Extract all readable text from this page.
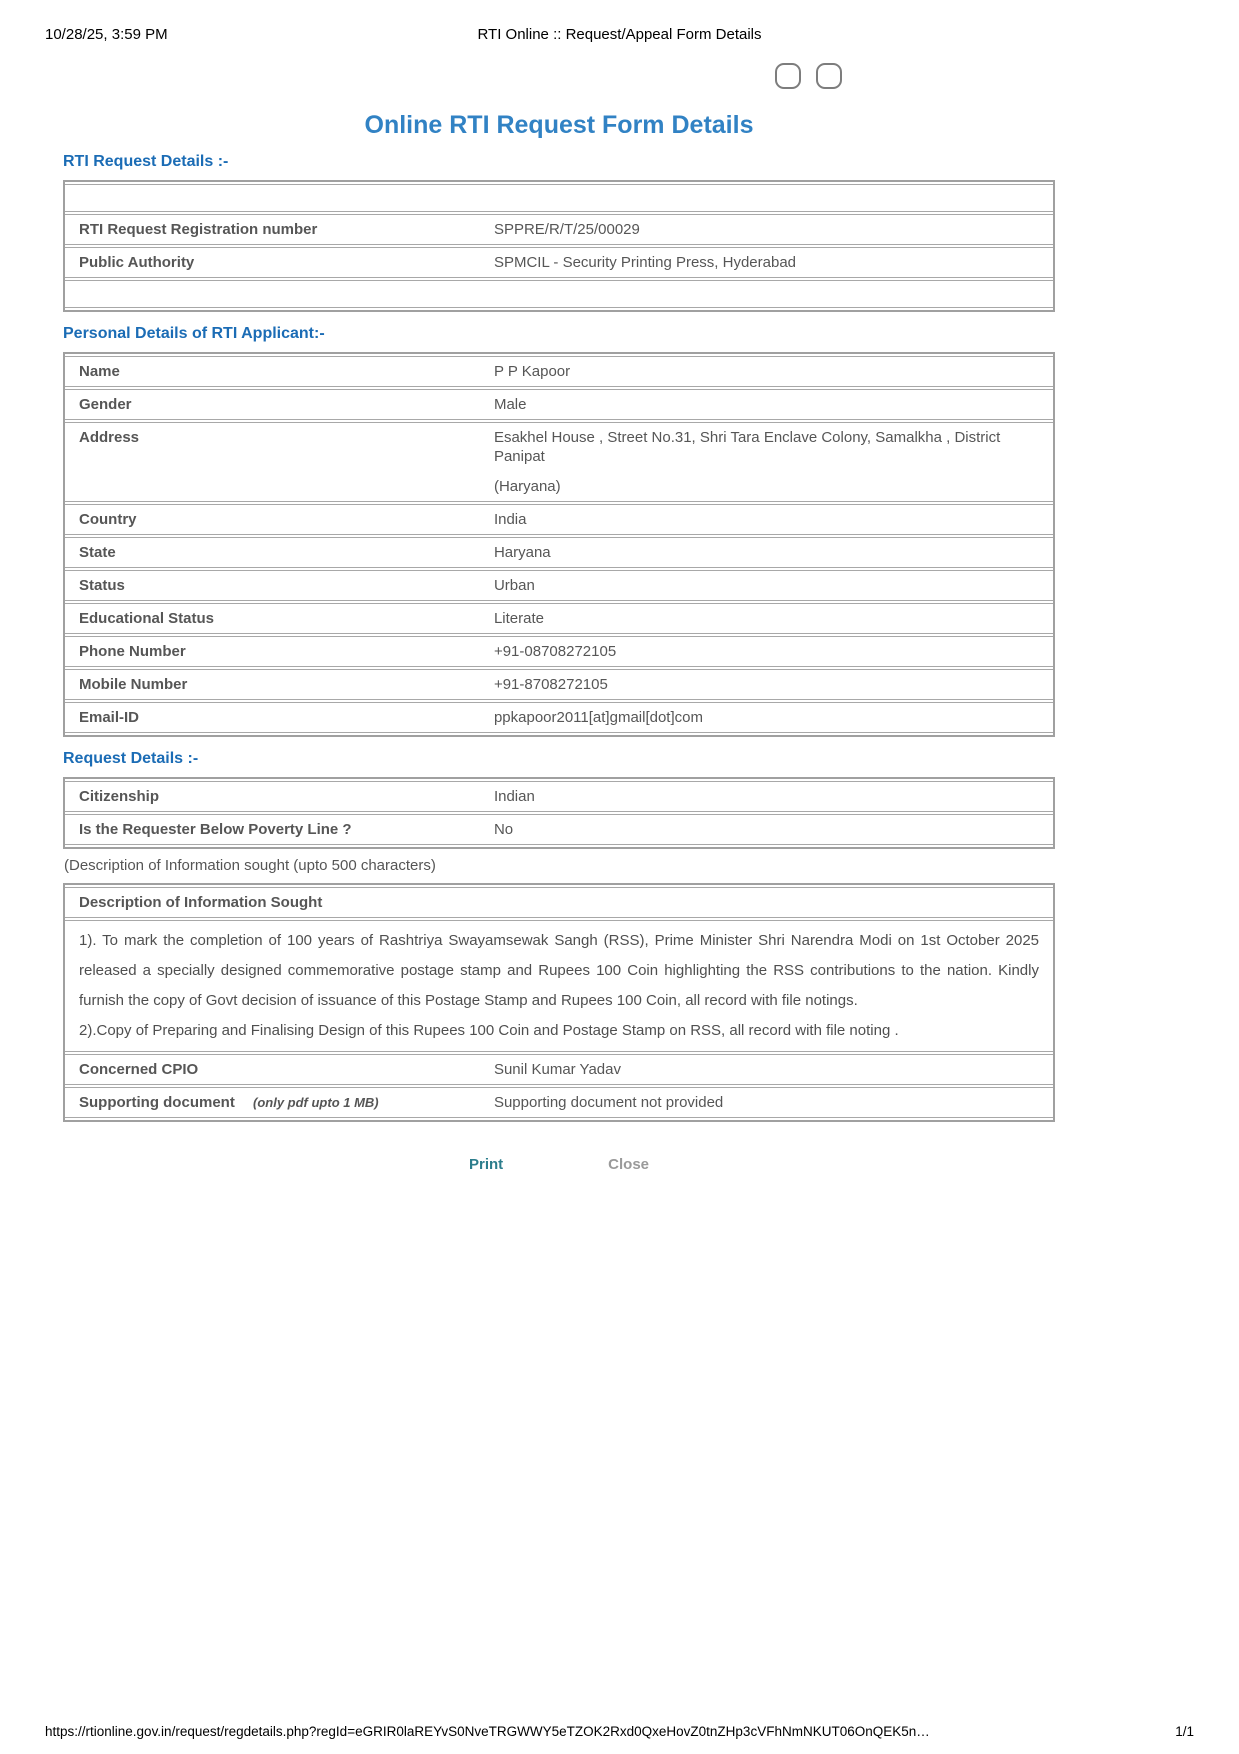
10/28/25, 3:59 PM	RTI Online :: Request/Appeal Form Details

Online RTI Request Form Details
RTI Request Details :-

RTI Request Registration number	SPPRE/R/T/25/00029
Public Authority	SPMCIL - Security Printing Press, Hyderabad

Personal Details of RTI Applicant:-
Name	P P Kapoor
Gender	Male
Address	Esakhel House , Street No.31, Shri Tara Enclave Colony, Samalkha , District Panipat
(Haryana)

Country	India
State	Haryana
Status	Urban
Educational Status	Literate
Phone Number	+91-08708272105
Mobile Number	+91-8708272105
Email-ID	ppkapoor2011[at]gmail[dot]com
Request Details :-
Citizenship	Indian
Is the Requester Below Poverty Line ?	No
(Description of Information sought (upto 500 characters)
Description of Information Sought	

1). To mark the completion of 100 years of Rashtriya Swayamsewak Sangh (RSS), Prime Minister Shri Narendra Modi on 1st October 2025 released a specially designed commemorative postage stamp and Rupees 100 Coin highlighting the RSS contributions to the nation. Kindly furnish the copy of Govt decision of issuance of this Postage Stamp and Rupees 100 Coin, all record with file notings.

2).Copy of Preparing and Finalising Design of this Rupees 100 Coin and Postage Stamp on RSS, all record with file noting .	

Concerned CPIO	Sunil Kumar Yadav
Supporting document (only pdf upto 1 MB)	Supporting document not provided
Print	Close
https://rtionline.gov.in/request/regdetails.php?regId=eGRIR0laREYvS0NveTRGWWY5eTZOK2Rxd0QxeHovZ0tnZHp3cVFhNmNKUT06OnQEK5n…	1/1
